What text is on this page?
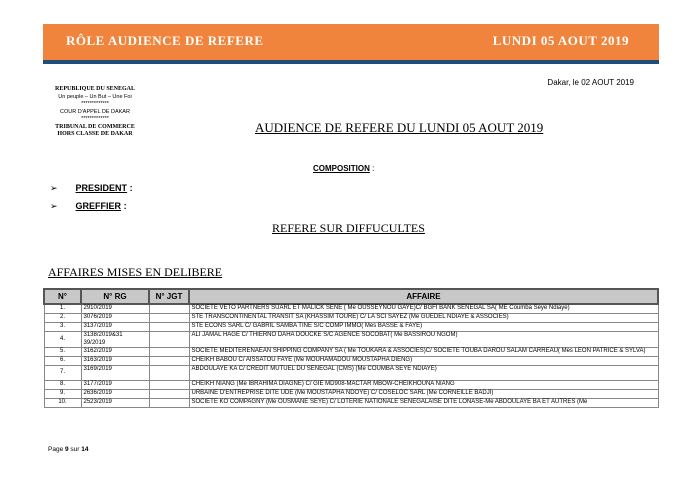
RÔLE AUDIENCE DE REFERE	LUNDI 05 AOUT 2019
Dakar, le 02 AOUT 2019
REPUBLIQUE DU SENEGAL
Un peuple – Un But – Une Foi
*************
COUR D'APPEL DE DAKAR
*************
TRIBUNAL DE COMMERCE
HORS CLASSE DE DAKAR	AUDIENCE DE REFERE DU LUNDI 05 AOUT 2019
COMPOSITION :
➢ PRESIDENT :
➢ GREFFIER :
REFERE SUR DIFFUCULTES
AFFAIRES MISES EN DELIBERE
N°	N° RG	N° JGT	AFFAIRE
1.	2910/2019		SOCIETE VETO PARTNERS SUARL ET MALICK SENE ( Me OUSSEYNOU GAYE)C/ BGFI BANK SENEGAL SA( ME Coumba Seye Ndiaye)
2.	3076/2019		STE TRANSCONTINENTAL TRANSIT SA (KHASSIM TOURE) C/ LA SCI SAYEZ (Me GUEDEL NDIAYE & ASSOCIES)
3.	3137/2019		STE ECONS SARL C/ GABRIL SAMBA TINE S/C COMP IMMO( Mes BASSE & FAYE)
4.	3138/2019&31
39/2019		ALI JAMAL HAGE C/ THIERNO DAHA DOUCKE S/C AGENCE SOCOBAT( Me BASSIROU NGOM)
5.	3162/2019		SOCIETE MEDITERENAEAN SHIPPING COMPANY SA ( Me TOUKARA & ASSOCIES)C/ SOCIETE TOUBA DAROU SALAM CARREAU( Mes LEON PATRICE & SYLVA)
6.	3163/2019		CHEIKH BABOU C/ AISSATOU FAYE (Me MOUHAMADOU MOUSTAPHA DIENG)
7.	3169/2019		ABDOULAYE KA C/ CREDIT MUTUEL DU SENEGAL (CMS) (Me COUMBA SEYE NDIAYE)
8.	3177/2019		CHEIKH NIANG (Me IBRAHIMA DIAGNE) C/ GIE MD908-MACTAR MBOW-CHEIKHOUNA NIANG
9.	2636/2019		URBAINE D'ENTREPRISE DITE UDE (Me MOUSTAPHA NDOYE) C/ COSELOC SARL (Me CORNEILLE BADJI)
10.	2523/2019		SOCIETE KO COMPAGNY (Me OUSMANE SEYE) C/ LOTERIE NATIONALE SENEGALAISE DITE LONASE-Me ABDOULAYE BA ET AUTRES (Me
Page 9 sur 14
